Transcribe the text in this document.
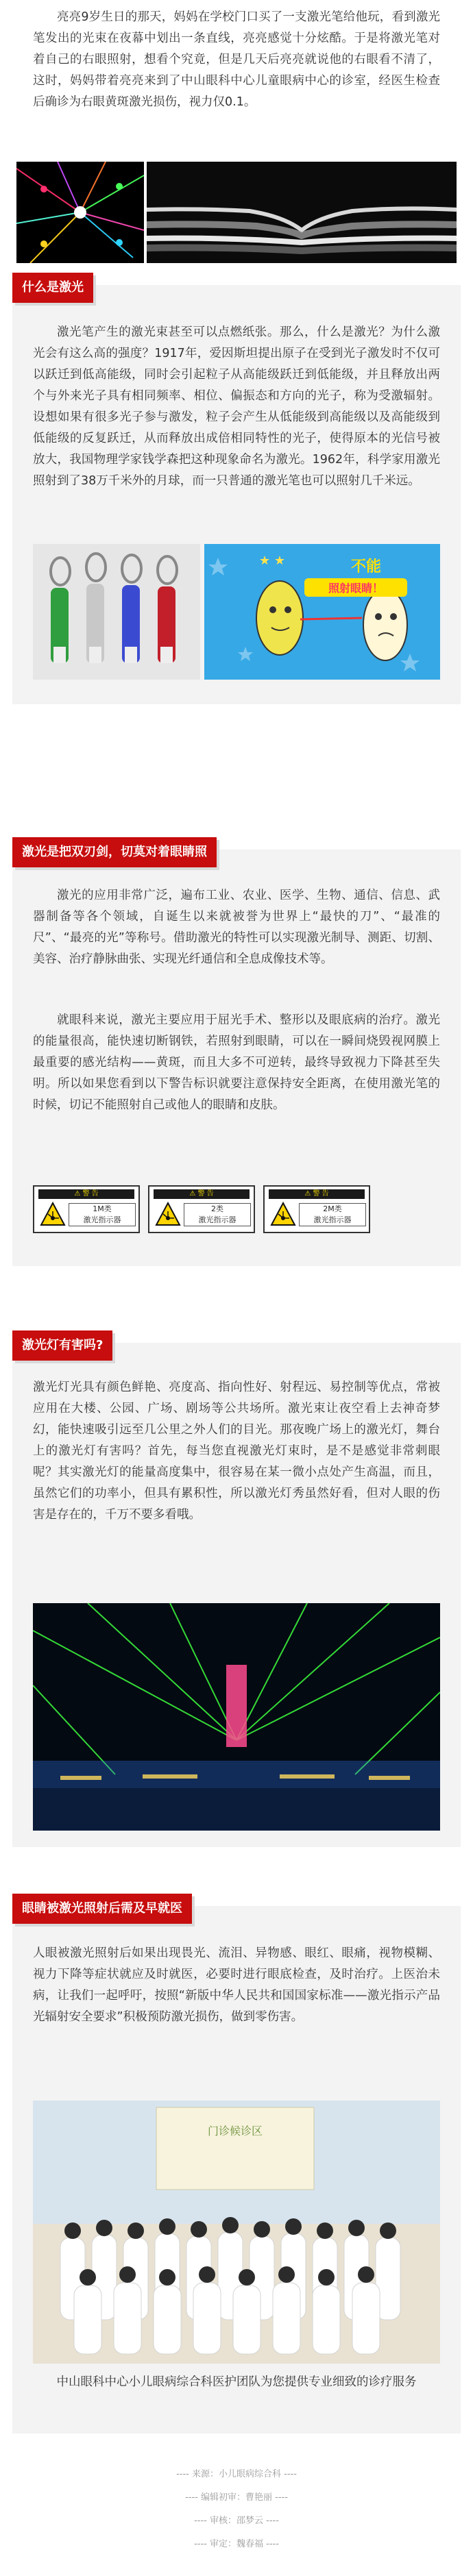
亮亮9岁生日的那天，妈妈在学校门口买了一支激光笔给他玩，看到激光笔发出的光束在夜幕中划出一条直线，亮亮感觉十分炫酷。于是将激光笔对着自己的右眼照射，想看个究竟，但是几天后亮亮就说他的右眼看不清了，这时，妈妈带着亮亮来到了中山眼科中心儿童眼病中心的诊室，经医生检查后确诊为右眼黄斑激光损伤，视力仅0.1。

什么是激光

激光笔产生的激光束甚至可以点燃纸张。那么，什么是激光？为什么激光会有这么高的强度？1917年，爱因斯坦提出原子在受到光子激发时不仅可以跃迁到低高能级，同时会引起粒子从高能级跃迁到低能级，并且释放出两个与外来光子具有相同频率、相位、偏振态和方向的光子，称为受激辐射。设想如果有很多光子参与激发，粒子会产生从低能级到高能级以及高能级到低能级的反复跃迁，从而释放出成倍相同特性的光子，使得原本的光信号被放大，我国物理学家钱学森把这种现象命名为激光。1962年，科学家用激光照射到了38万千米外的月球，而一只普通的激光笔也可以照射几千米远。

★ ★	不能
照射眼睛！
激光是把双刃剑，切莫对着眼睛照

激光的应用非常广泛，遍布工业、农业、医学、生物、通信、信息、武器制备等各个领域，自诞生以来就被誉为世界上“最快的刀”、“最准的尺”、“最亮的光”等称号。借助激光的特性可以实现激光制导、测距、切割、美容、治疗静脉曲张、实现光纤通信和全息成像技术等。

就眼科来说，激光主要应用于屈光手术、整形以及眼底病的治疗。激光的能量很高，能快速切断钢铁，若照射到眼睛，可以在一瞬间烧毁视网膜上最重要的感光结构——黄斑，而且大多不可逆转，最终导致视力下降甚至失明。所以如果您看到以下警告标识就要注意保持安全距离，在使用激光笔的时候，切记不能照射自己或他人的眼睛和皮肤。

⚠ 警 告
1M类
激光指示器
⚠ 警 告
2类
激光指示器
⚠ 警 告
2M类
激光指示器
激光灯有害吗?

激光灯光具有颜色鲜艳、亮度高、指向性好、射程远、易控制等优点，常被应用在大楼、公园、广场、剧场等公共场所。激光束让夜空看上去神奇梦幻，能快速吸引远至几公里之外人们的目光。那夜晚广场上的激光灯，舞台上的激光灯有害吗？首先，每当您直视激光灯束时，是不是感觉非常刺眼呢？其实激光灯的能量高度集中，很容易在某一微小点处产生高温，而且，虽然它们的功率小，但具有累积性，所以激光灯秀虽然好看，但对人眼的伤害是存在的，千万不要多看哦。

眼睛被激光照射后需及早就医

人眼被激光照射后如果出现畏光、流泪、异物感、眼红、眼痛，视物模糊、视力下降等症状就应及时就医，必要时进行眼底检查，及时治疗。上医治未病，让我们一起呼吁，按照“新版中华人民共和国国家标准——激光指示产品光辐射安全要求”积极预防激光损伤，做到零伤害。

门诊候诊区

中山眼科中心小儿眼病综合科医护团队为您提供专业细致的诊疗服务

---- 来源：小儿眼病综合科 ----
---- 编辑初审：曹艳丽 ----
---- 审核：邵梦云 ----
---- 审定：魏春福 ----
